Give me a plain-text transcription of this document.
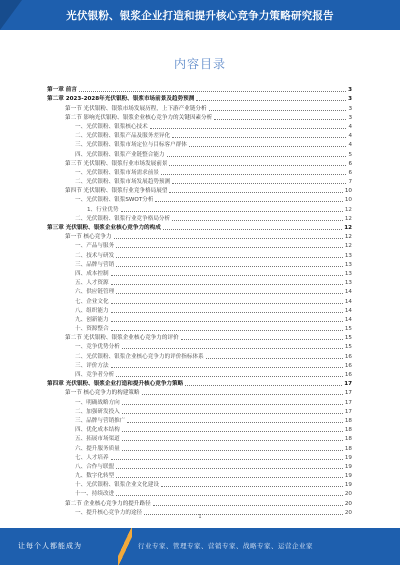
光伏银粉、银浆企业打造和提升核心竞争力策略研究报告
内容目录
第一章 前言	3
第二章 2023-2028年光伏银粉、银浆市场前景及趋势预测	3
第一节 光伏银粉、银浆市场发展历程，上下游产业链分析	3
第二节 影响光伏银粉、银浆企业核心竞争力的关键因素分析	3
一、光伏银粉、银浆核心技术	4
二、光伏银粉、银浆产品及服务差异化	4
三、光伏银粉、银浆市场定位与目标客户群体	4
四、光伏银粉、银浆产业链整合能力	5
第三节 光伏银粉、银浆行业市场发展前景	6
一、光伏银粉、银浆市场需求前景	6
二、光伏银粉、银浆市场发展趋势预测	7
第四节 光伏银粉、银浆行业竞争格局展望	10
一、光伏银粉、银浆SWOT分析	10
1、行业优势	12
二、光伏银粉、银浆行业竞争格局分析	12
第三章 光伏银粉、银浆企业核心竞争力的构成	12
第一节 核心竞争力	12
一、产品与服务	12
二、技术与研发	13
三、品牌与营销	13
四、成本控制	13
五、人才资源	13
六、供应链管理	14
七、企业文化	14
八、组织能力	14
九、创新能力	14
十、资源整合	15
第二节 光伏银粉、银浆企业核心竞争力的评价	15
一、竞争优势分析	15
二、光伏银粉、银浆企业核心竞争力的评价指标体系	16
三、评价方法	16
四、竞争者分析	16
第四章 光伏银粉、银浆企业打造和提升核心竞争力策略	17
第一节 核心竞争力的构建策略	17
一、明确战略方向	17
二、加强研发投入	17
三、品牌与营销推广	18
四、优化成本结构	18
五、拓展市场渠道	18
六、提升服务质量	18
七、人才培养	19
八、合作与联盟	19
九、数字化转型	19
十、光伏银粉、银浆企业文化建设	19
十一、持续改进	20
第二节 企业核心竞争力的提升路径	20
一、提升核心竞争力的途径	20
1
让每个人都能成为	行业专家、管理专家、营销专家、战略专家、运营企业家
